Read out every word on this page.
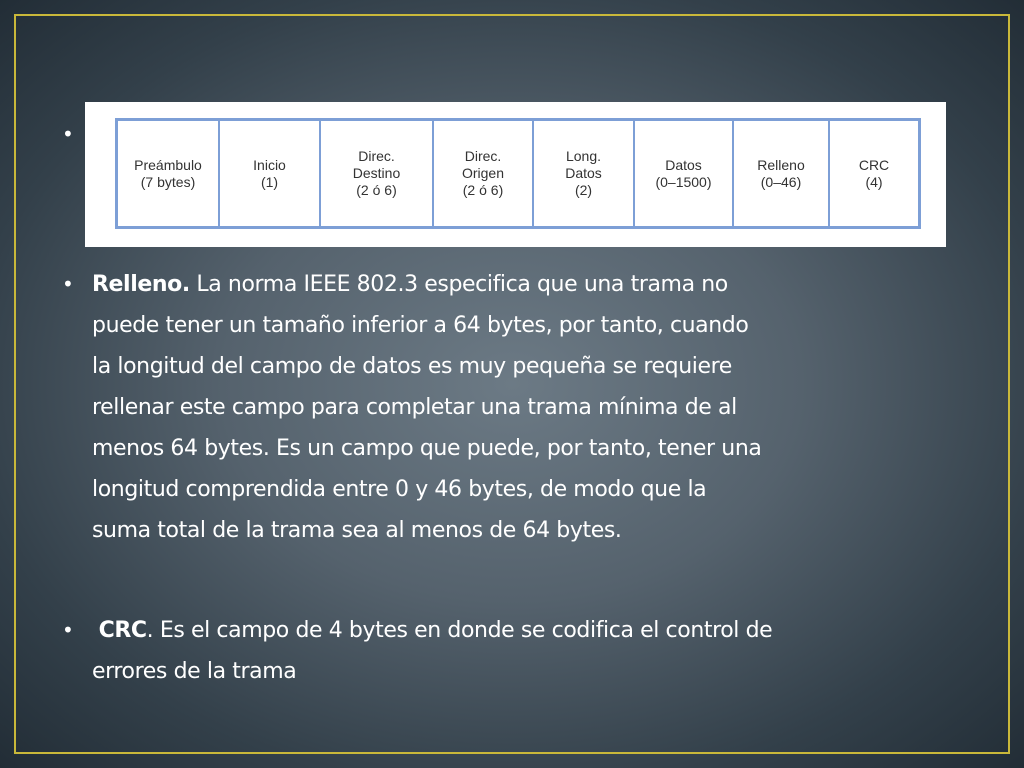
•
Preámbulo
(7 bytes)
Inicio
(1)
Direc.
Destino
(2 ó 6)
Direc.
Origen
(2 ó 6)
Long.
Datos
(2)
Datos
(0–1500)
Relleno
(0–46)
CRC
(4)
• Relleno. La norma IEEE 802.3 especifica que una trama no
puede tener un tamaño inferior a 64 bytes, por tanto, cuando
la longitud del campo de datos es muy pequeña se requiere
rellenar este campo para completar una trama mínima de al
menos 64 bytes. Es un campo que puede, por tanto, tener una
longitud comprendida entre 0 y 46 bytes, de modo que la
suma total de la trama sea al menos de 64 bytes.
• CRC. Es el campo de 4 bytes en donde se codifica el control de
errores de la trama
